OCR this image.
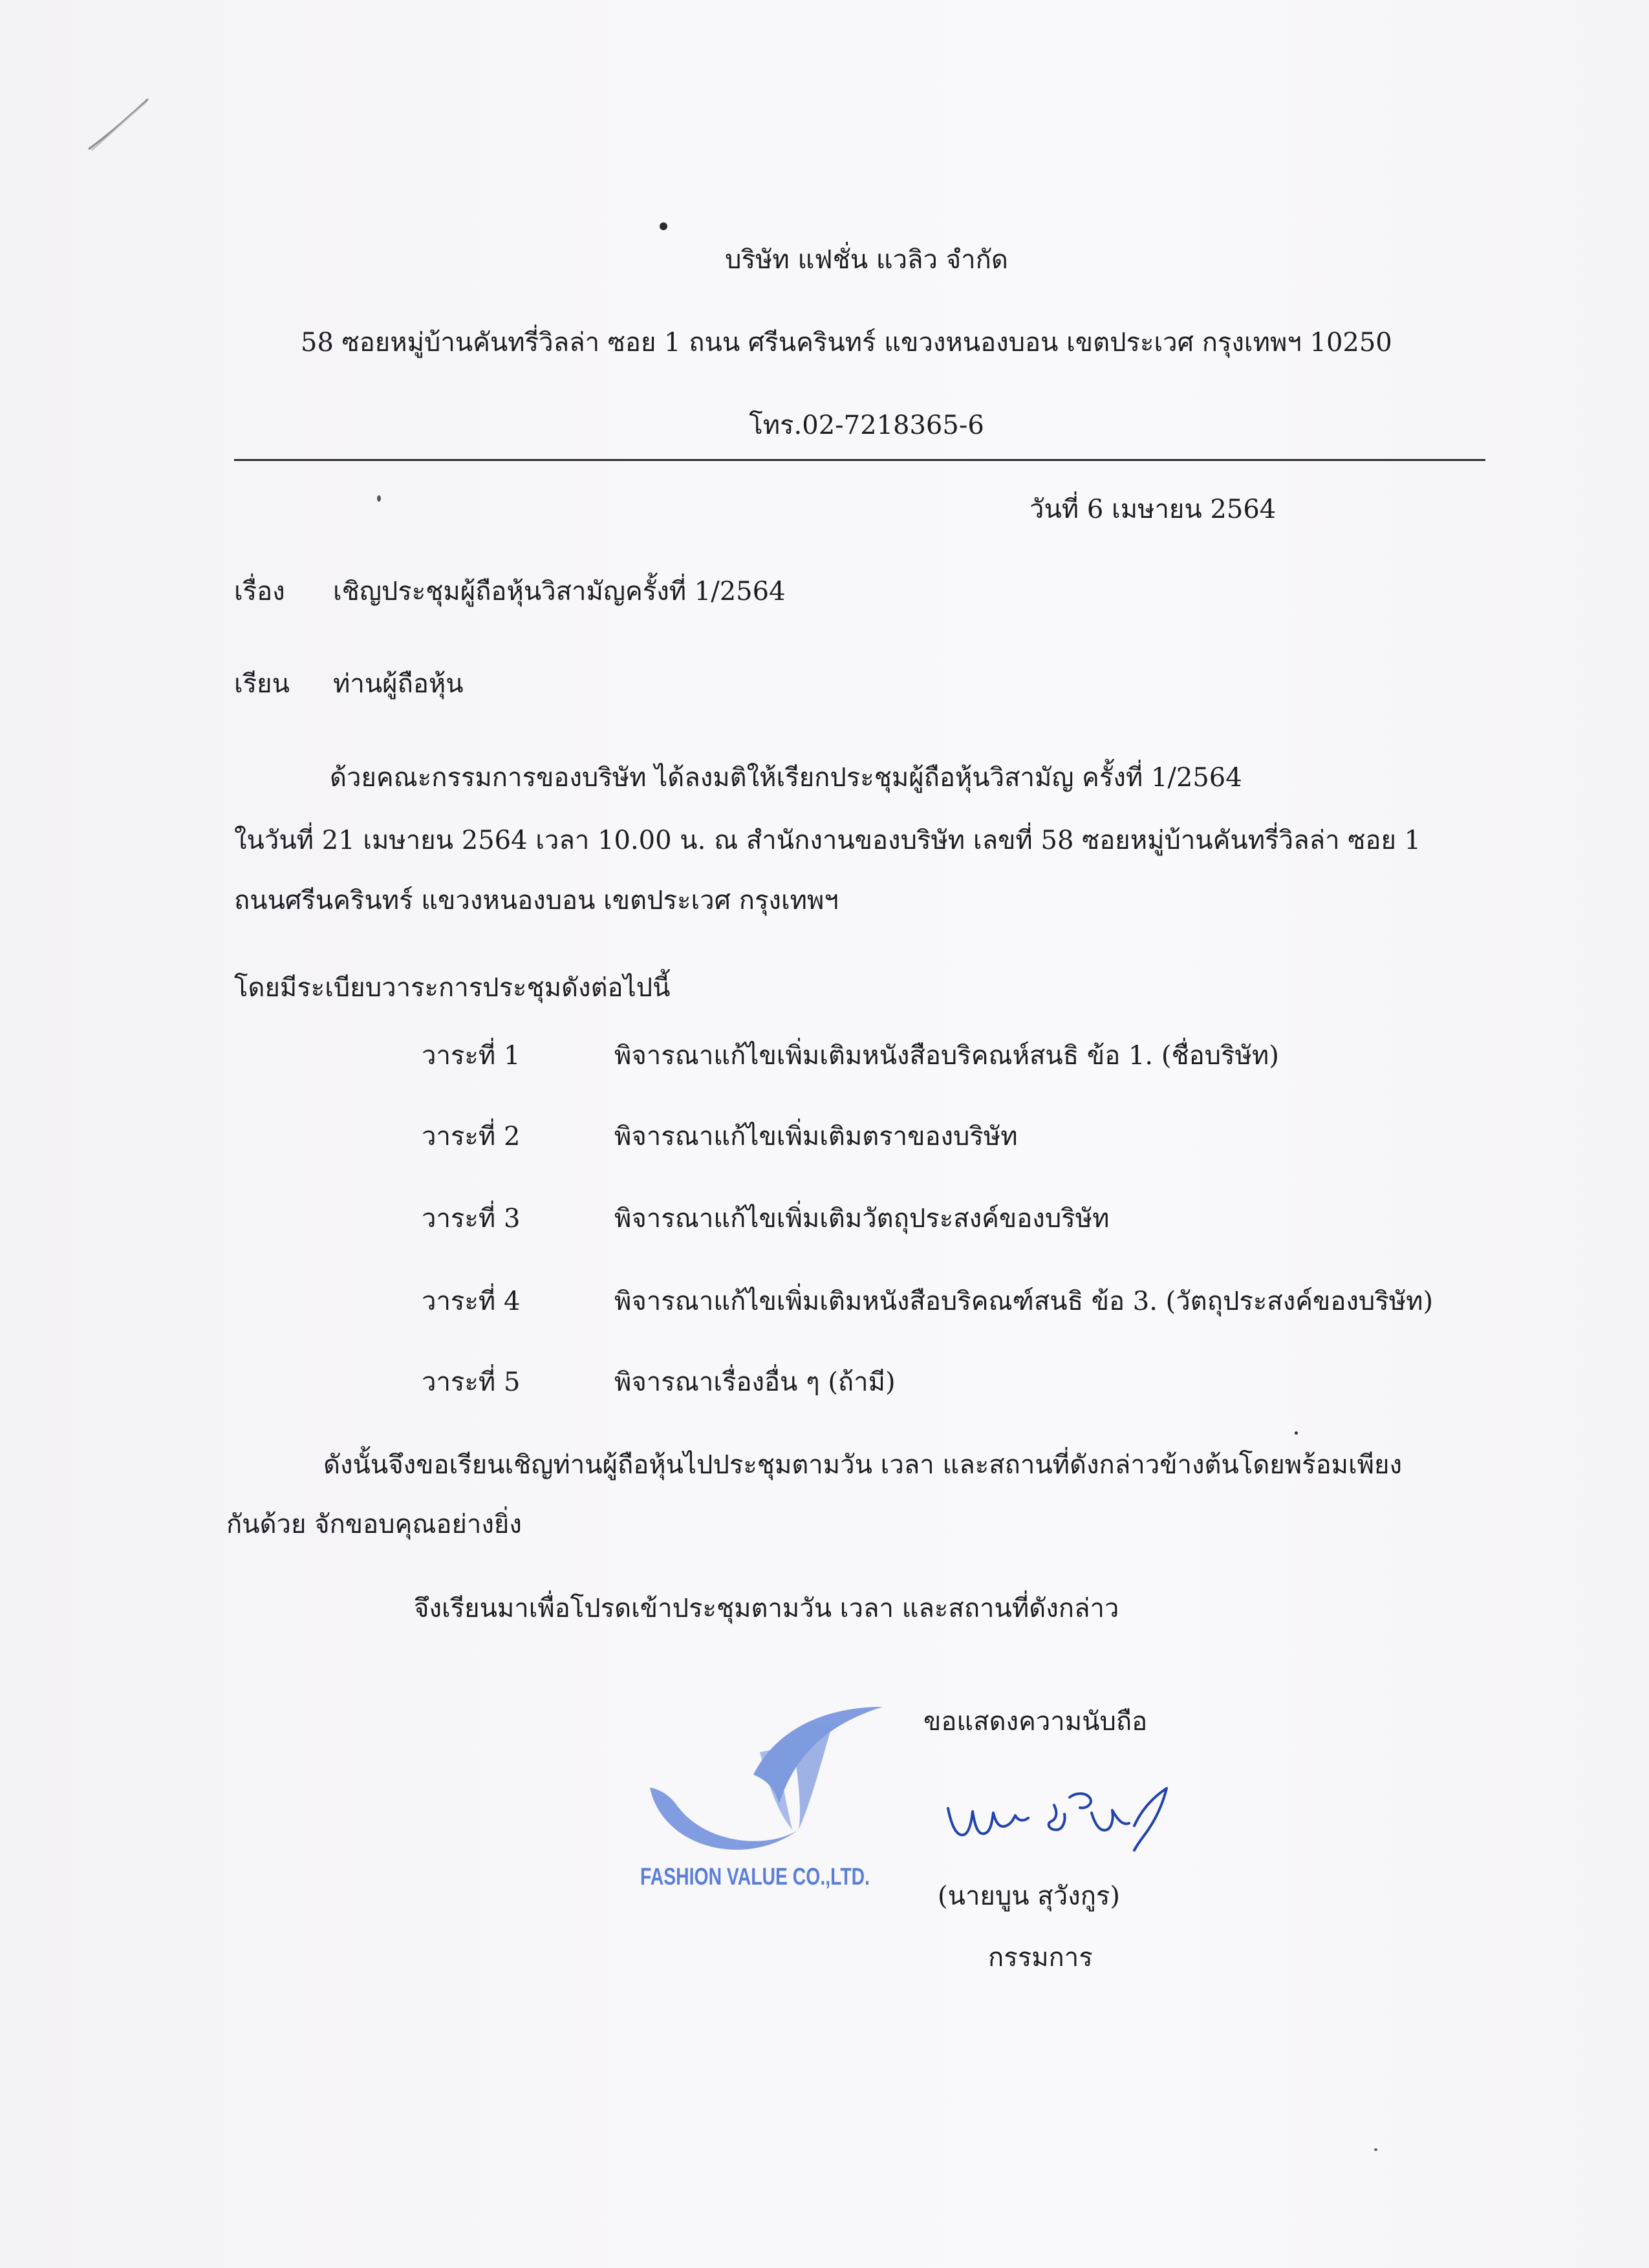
บริษัท แฟชั่น แวลิว จำกัด
58 ซอยหมู่บ้านคันทรี่วิลล่า ซอย 1 ถนน ศรีนครินทร์ แขวงหนองบอน เขตประเวศ กรุงเทพฯ 10250
โทร.02-7218365-6
วันที่ 6 เมษายน 2564
เรื่อง เชิญประชุมผู้ถือหุ้นวิสามัญครั้งที่ 1/2564
เรียน ท่านผู้ถือหุ้น
ด้วยคณะกรรมการของบริษัท ได้ลงมติให้เรียกประชุมผู้ถือหุ้นวิสามัญ ครั้งที่ 1/2564
ในวันที่ 21 เมษายน 2564 เวลา 10.00 น. ณ สำนักงานของบริษัท เลขที่ 58 ซอยหมู่บ้านคันทรี่วิลล่า ซอย 1
ถนนศรีนครินทร์ แขวงหนองบอน เขตประเวศ กรุงเทพฯ
โดยมีระเบียบวาระการประชุมดังต่อไปนี้
วาระที่ 1	พิจารณาแก้ไขเพิ่มเติมหนังสือบริคณห์สนธิ ข้อ 1. (ชื่อบริษัท)
วาระที่ 2	พิจารณาแก้ไขเพิ่มเติมตราของบริษัท
วาระที่ 3	พิจารณาแก้ไขเพิ่มเติมวัตถุประสงค์ของบริษัท
วาระที่ 4	พิจารณาแก้ไขเพิ่มเติมหนังสือบริคณฑ์สนธิ ข้อ 3. (วัตถุประสงค์ของบริษัท)
วาระที่ 5	พิจารณาเรื่องอื่น ๆ (ถ้ามี)
ดังนั้นจึงขอเรียนเชิญท่านผู้ถือหุ้นไปประชุมตามวัน เวลา และสถานที่ดังกล่าวข้างต้นโดยพร้อมเพียง
กันด้วย จักขอบคุณอย่างยิ่ง
จึงเรียนมาเพื่อโปรดเข้าประชุมตามวัน เวลา และสถานที่ดังกล่าว
ขอแสดงความนับถือ
FASHION VALUE CO.,LTD.
(นายบูน สุวังกูร)
กรรมการ
